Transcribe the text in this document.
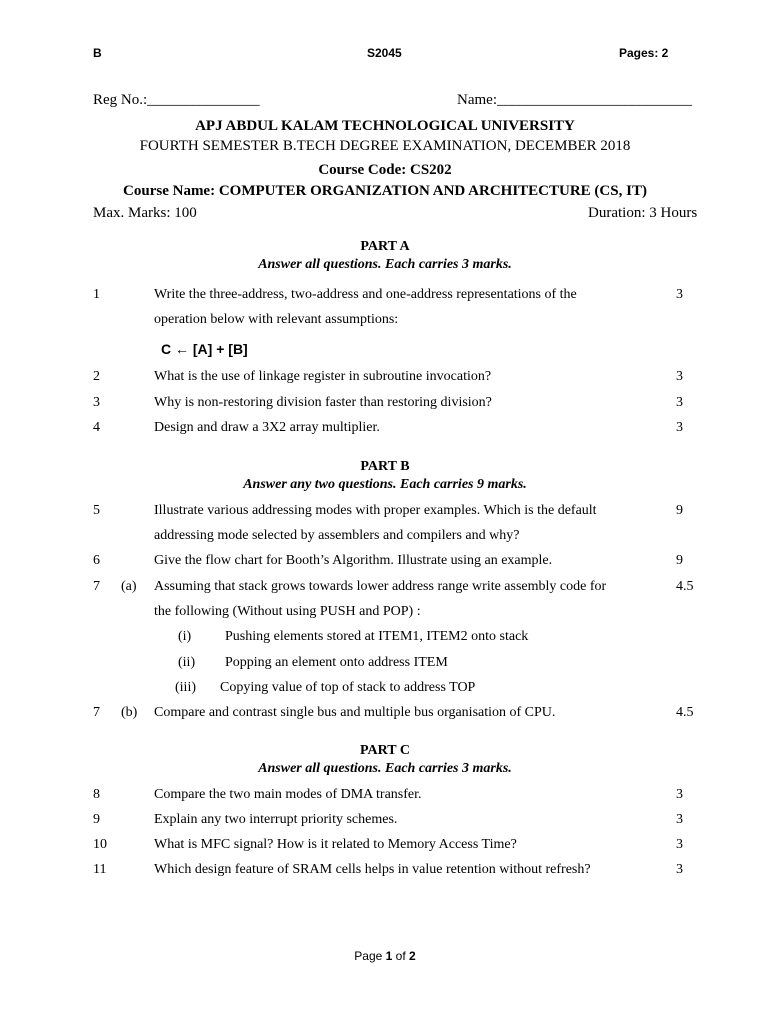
B	S2045	Pages: 2
Reg No.:_______________	Name:__________________________
APJ ABDUL KALAM TECHNOLOGICAL UNIVERSITY
FOURTH SEMESTER B.TECH DEGREE EXAMINATION, DECEMBER 2018
Course Code: CS202
Course Name: COMPUTER ORGANIZATION AND ARCHITECTURE (CS, IT)
Max. Marks: 100	Duration: 3 Hours
PART A
Answer all questions. Each carries 3 marks.
1	Write the three-address, two-address and one-address representations of the	3
operation below with relevant assumptions:
C ← [A] + [B]
2	What is the use of linkage register in subroutine invocation?	3
3	Why is non-restoring division faster than restoring division?	3
4	Design and draw a 3X2 array multiplier.	3
PART B
Answer any two questions. Each carries 9 marks.
5	Illustrate various addressing modes with proper examples. Which is the default	9
addressing mode selected by assemblers and compilers and why?
6	Give the flow chart for Booth’s Algorithm. Illustrate using an example.	9
7	(a) Assuming that stack grows towards lower address range write assembly code for	4.5
the following (Without using PUSH and POP) :
(i) Pushing elements stored at ITEM1, ITEM2 onto stack
(ii) Popping an element onto address ITEM
(iii) Copying value of top of stack to address TOP
7	(b) Compare and contrast single bus and multiple bus organisation of CPU.	4.5
PART C
Answer all questions. Each carries 3 marks.
8	Compare the two main modes of DMA transfer.	3
9	Explain any two interrupt priority schemes.	3
10	What is MFC signal? How is it related to Memory Access Time?	3
11	Which design feature of SRAM cells helps in value retention without refresh?	3
Page 1 of 2
